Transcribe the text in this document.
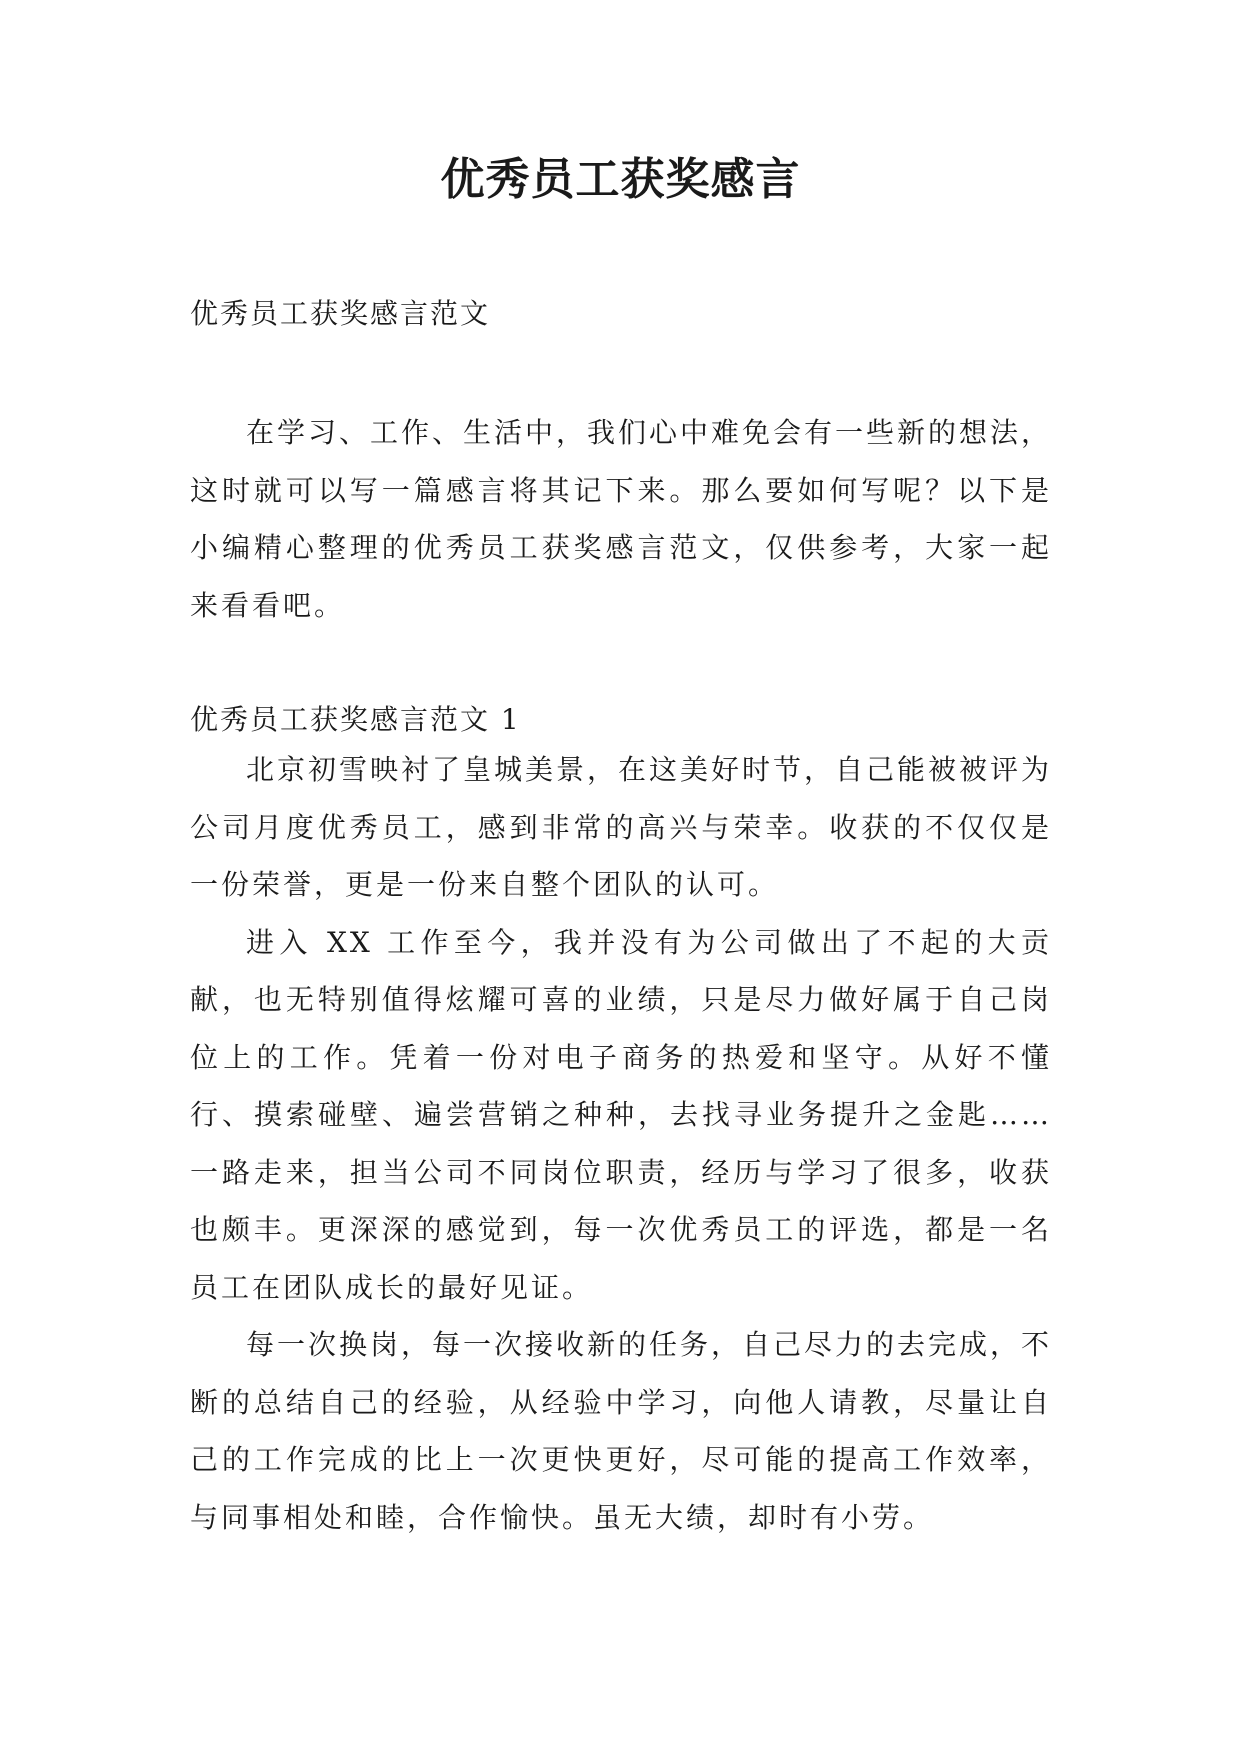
优秀员工获奖感言
优秀员工获奖感言范文

在学习、工作、生活中，我们心中难免会有一些新的想法，这时就可以写一篇感言将其记下来。那么要如何写呢？以下是小编精心整理的优秀员工获奖感言范文，仅供参考，大家一起来看看吧。

优秀员工获奖感言范文 1

北京初雪映衬了皇城美景，在这美好时节，自己能被被评为公司月度优秀员工，感到非常的高兴与荣幸。收获的不仅仅是一份荣誉，更是一份来自整个团队的认可。

进入 XX 工作至今，我并没有为公司做出了不起的大贡献，也无特别值得炫耀可喜的业绩，只是尽力做好属于自己岗位上的工作。凭着一份对电子商务的热爱和坚守。从好不懂行、摸索碰壁、遍尝营销之种种，去找寻业务提升之金匙……一路走来，担当公司不同岗位职责，经历与学习了很多，收获也颇丰。更深深的感觉到，每一次优秀员工的评选，都是一名员工在团队成长的最好见证。

每一次换岗，每一次接收新的任务，自己尽力的去完成，不断的总结自己的经验，从经验中学习，向他人请教，尽量让自己的工作完成的比上一次更快更好，尽可能的提高工作效率，与同事相处和睦，合作愉快。虽无大绩，却时有小劳。
